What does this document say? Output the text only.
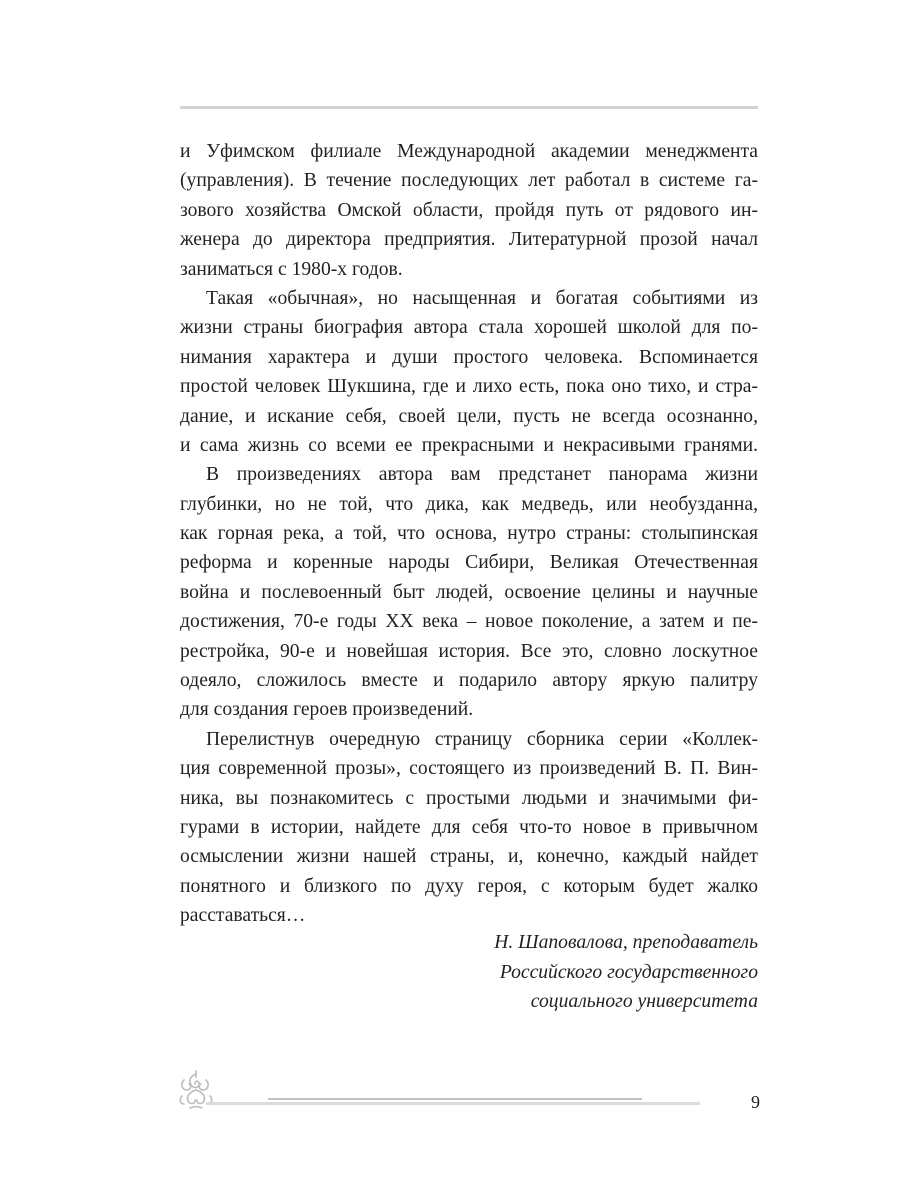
и Уфимском филиале Международной академии менеджмента
(управления). В течение последующих лет работал в системе га-
зового хозяйства Омской области, пройдя путь от рядового ин-
женера до директора предприятия. Литературной прозой начал
заниматься с 1980-х годов.
Такая «обычная», но насыщенная и богатая событиями из
жизни страны биография автора стала хорошей школой для по-
нимания характера и души простого человека. Вспоминается
простой человек Шукшина, где и лихо есть, пока оно тихо, и стра-
дание, и искание себя, своей цели, пусть не всегда осознанно,
и сама жизнь со всеми ее прекрасными и некрасивыми гранями.
В произведениях автора вам предстанет панорама жизни
глубинки, но не той, что дика, как медведь, или необузданна,
как горная река, а той, что основа, нутро страны: столыпинская
реформа и коренные народы Сибири, Великая Отечественная
война и послевоенный быт людей, освоение целины и научные
достижения, 70-е годы XX века – новое поколение, а затем и пе-
рестройка, 90-е и новейшая история. Все это, словно лоскутное
одеяло, сложилось вместе и подарило автору яркую палитру
для создания героев произведений.
Перелистнув очередную страницу сборника серии «Коллек-
ция современной прозы», состоящего из произведений В. П. Вин-
ника, вы познакомитесь с простыми людьми и значимыми фи-
гурами в истории, найдете для себя что-то новое в привычном
осмыслении жизни нашей страны, и, конечно, каждый найдет
понятного и близкого по духу героя, с которым будет жалко
расставаться…
Н. Шаповалова, преподаватель
Российского государственного
социального университета
9
